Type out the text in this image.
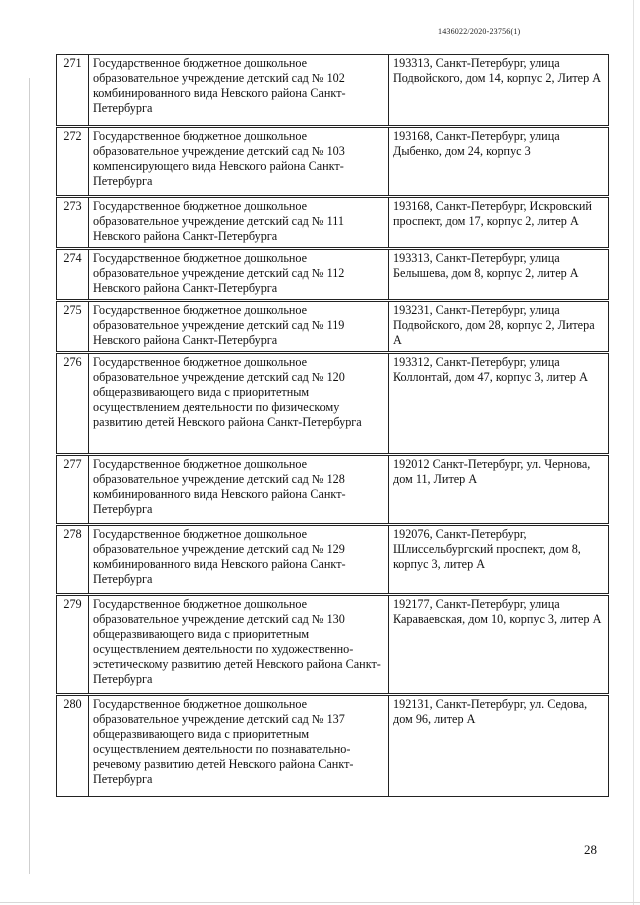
1436022/2020-23756(1)
271	Государственное бюджетное дошкольное образовательное учреждение детский сад № 102 комбинированного вида Невского района Санкт-Петербурга	193313, Санкт-Петербург, улица Подвойского, дом 14, корпус 2, Литер А
272	Государственное бюджетное дошкольное образовательное учреждение детский сад № 103 компенсирующего вида Невского района Санкт-Петербурга	193168, Санкт-Петербург, улица Дыбенко, дом 24, корпус 3
273	Государственное бюджетное дошкольное образовательное учреждение детский сад № 111 Невского района Санкт-Петербурга	193168, Санкт-Петербург, Искровский проспект, дом 17, корпус 2, литер А
274	Государственное бюджетное дошкольное образовательное учреждение детский сад № 112 Невского района Санкт-Петербурга	193313, Санкт-Петербург, улица Белышева, дом 8, корпус 2, литер А
275	Государственное бюджетное дошкольное образовательное учреждение детский сад № 119 Невского района Санкт-Петербурга	193231, Санкт-Петербург, улица Подвойского, дом 28, корпус 2, Литера А
276	Государственное бюджетное дошкольное образовательное учреждение детский сад № 120 общеразвивающего вида с приоритетным осуществлением деятельности по физическому развитию детей Невского района Санкт-Петербурга	193312, Санкт-Петербург, улица Коллонтай, дом 47, корпус 3, литер А
277	Государственное бюджетное дошкольное образовательное учреждение детский сад № 128 комбинированного вида Невского района Санкт-Петербурга	192012 Санкт-Петербург, ул. Чернова, дом 11, Литер А
278	Государственное бюджетное дошкольное образовательное учреждение детский сад № 129 комбинированного вида Невского района Санкт-Петербурга	192076, Санкт-Петербург, Шлиссельбургский проспект, дом 8, корпус 3, литер А
279	Государственное бюджетное дошкольное образовательное учреждение детский сад № 130 общеразвивающего вида с приоритетным осуществлением деятельности по художественно-эстетическому развитию детей Невского района Санкт-Петербурга	192177, Санкт-Петербург, улица Караваевская, дом 10, корпус 3, литер А
280	Государственное бюджетное дошкольное образовательное учреждение детский сад № 137 общеразвивающего вида с приоритетным осуществлением деятельности по познавательно-речевому развитию детей Невского района Санкт-Петербурга	192131, Санкт-Петербург, ул. Седова, дом 96, литер А
28
